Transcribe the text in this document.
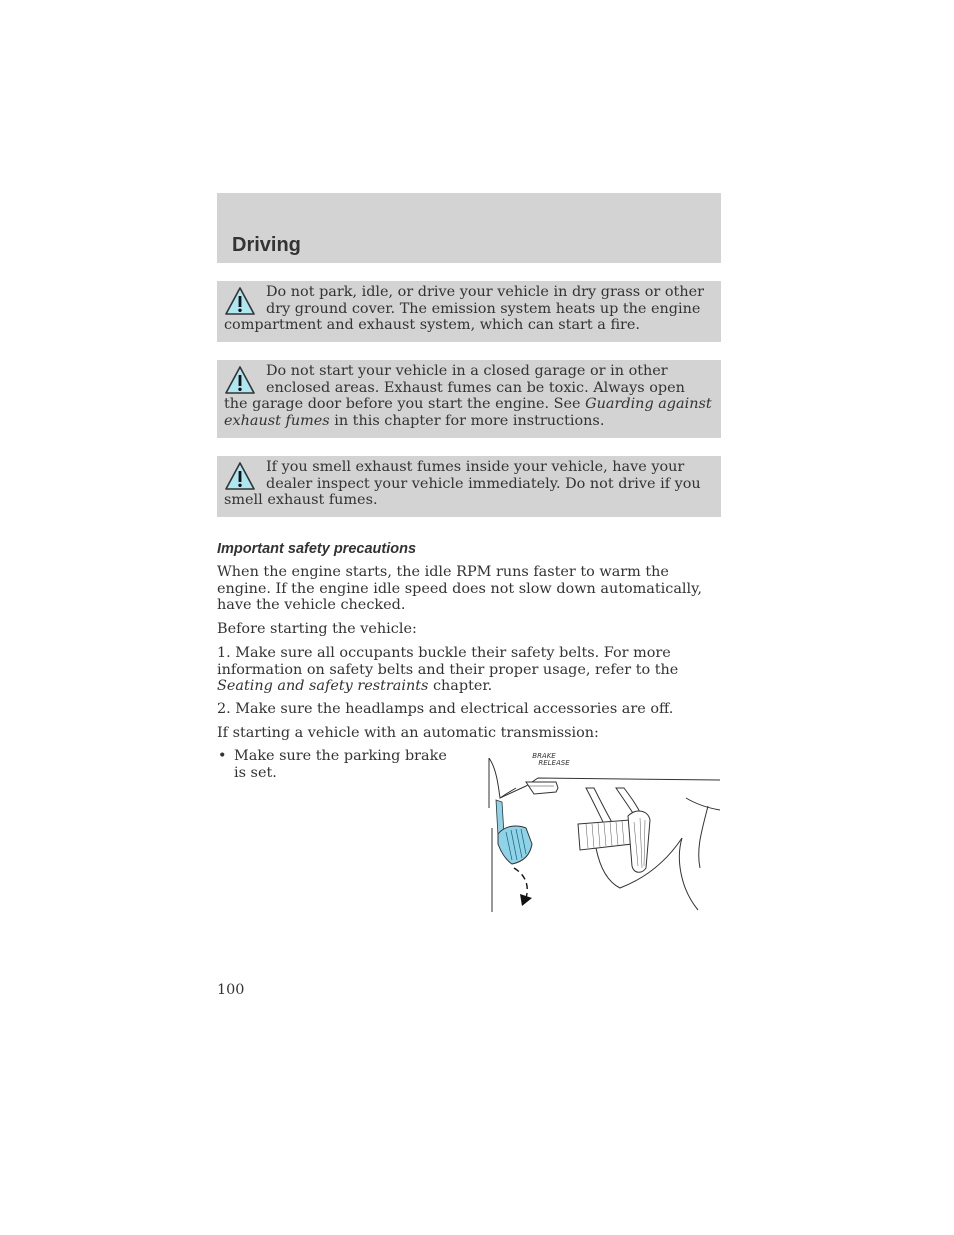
Driving

Do not park, idle, or drive your vehicle in dry grass or other dry ground cover. The emission system heats up the engine compartment and exhaust system, which can start a fire.

Do not start your vehicle in a closed garage or in other enclosed areas. Exhaust fumes can be toxic. Always open the garage door before you start the engine. See Guarding against exhaust fumes in this chapter for more instructions.

If you smell exhaust fumes inside your vehicle, have your dealer inspect your vehicle immediately. Do not drive if you smell exhaust fumes.

Important safety precautions

When the engine starts, the idle RPM runs faster to warm the engine. If the engine idle speed does not slow down automatically, have the vehicle checked.

Before starting the vehicle:

1. Make sure all occupants buckle their safety belts. For more information on safety belts and their proper usage, refer to the Seating and safety restraints chapter.

2. Make sure the headlamps and electrical accessories are off.

If starting a vehicle with an automatic transmission:

• Make sure the parking brake is set.
BRAKE
RELEASE
100
